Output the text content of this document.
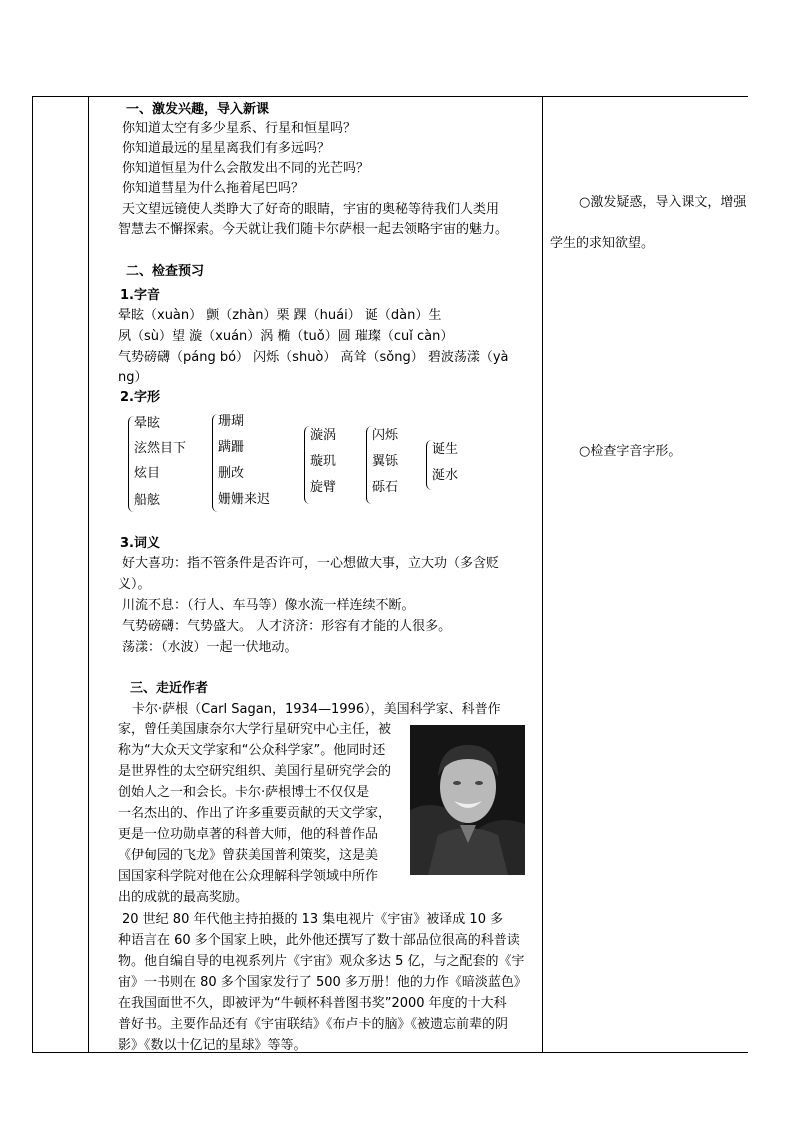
一、激发兴趣，导入新课
你知道太空有多少星系、行星和恒星吗？
你知道最远的星星离我们有多远吗？
你知道恒星为什么会散发出不同的光芒吗？
你知道彗星为什么拖着尾巴吗？
天文望远镜使人类睁大了好奇的眼睛，宇宙的奥秘等待我们人类用
智慧去不懈探索。今天就让我们随卡尔萨根一起去领略宇宙的魅力。
二、检查预习
1.字音
晕眩（xuàn） 颤（zhàn）栗 踝（huái） 诞（dàn）生
夙（sù）望 漩（xuán）涡 椭（tuǒ）圆 璀璨（cuǐ càn）
气势磅礴（páng bó） 闪烁（shuò） 高耸（sǒng） 碧波荡漾（yà
ng）
2.字形
晕眩
泫然目下
炫目
船舷
珊瑚
蹒跚
删改
姗姗来迟
漩涡
璇玑
旋臂
闪烁
翼铄
砾石
诞生
涎水
3.词义
好大喜功：指不管条件是否许可，一心想做大事，立大功（多含贬
义）。
川流不息：（行人、车马等）像水流一样连续不断。
气势磅礴：气势盛大。 人才济济：形容有才能的人很多。
荡漾：（水波）一起一伏地动。
三、走近作者
卡尔·萨根（Carl Sagan，1934—1996），美国科学家、科普作
家，曾任美国康奈尔大学行星研究中心主任，被
称为“大众天文学家和“公众科学家”。他同时还
是世界性的太空研究组织、美国行星研究学会的
创始人之一和会长。卡尔·萨根博士不仅仅是
一名杰出的、作出了许多重要贡献的天文学家，
更是一位功勋卓著的科普大师，他的科普作品
《伊甸园的飞龙》曾获美国普利策奖，这是美
国国家科学院对他在公众理解科学领域中所作
出的成就的最高奖励。
20 世纪 80 年代他主持拍摄的 13 集电视片《宇宙》被译成 10 多
种语言在 60 多个国家上映，此外他还撰写了数十部品位很高的科普读
物。他自编自导的电视系列片《宇宙》观众多达 5 亿，与之配套的《宇
宙》一书则在 80 多个国家发行了 500 多万册！他的力作《暗淡蓝色》
在我国面世不久，即被评为“牛顿杯科普图书奖”2000 年度的十大科
普好书。主要作品还有《宇宙联结》《布卢卡的脑》《被遗忘前辈的阴
影》《数以十亿记的星球》等等。
○激发疑惑，导入课文，增强
学生的求知欲望。
○检查字音字形。
